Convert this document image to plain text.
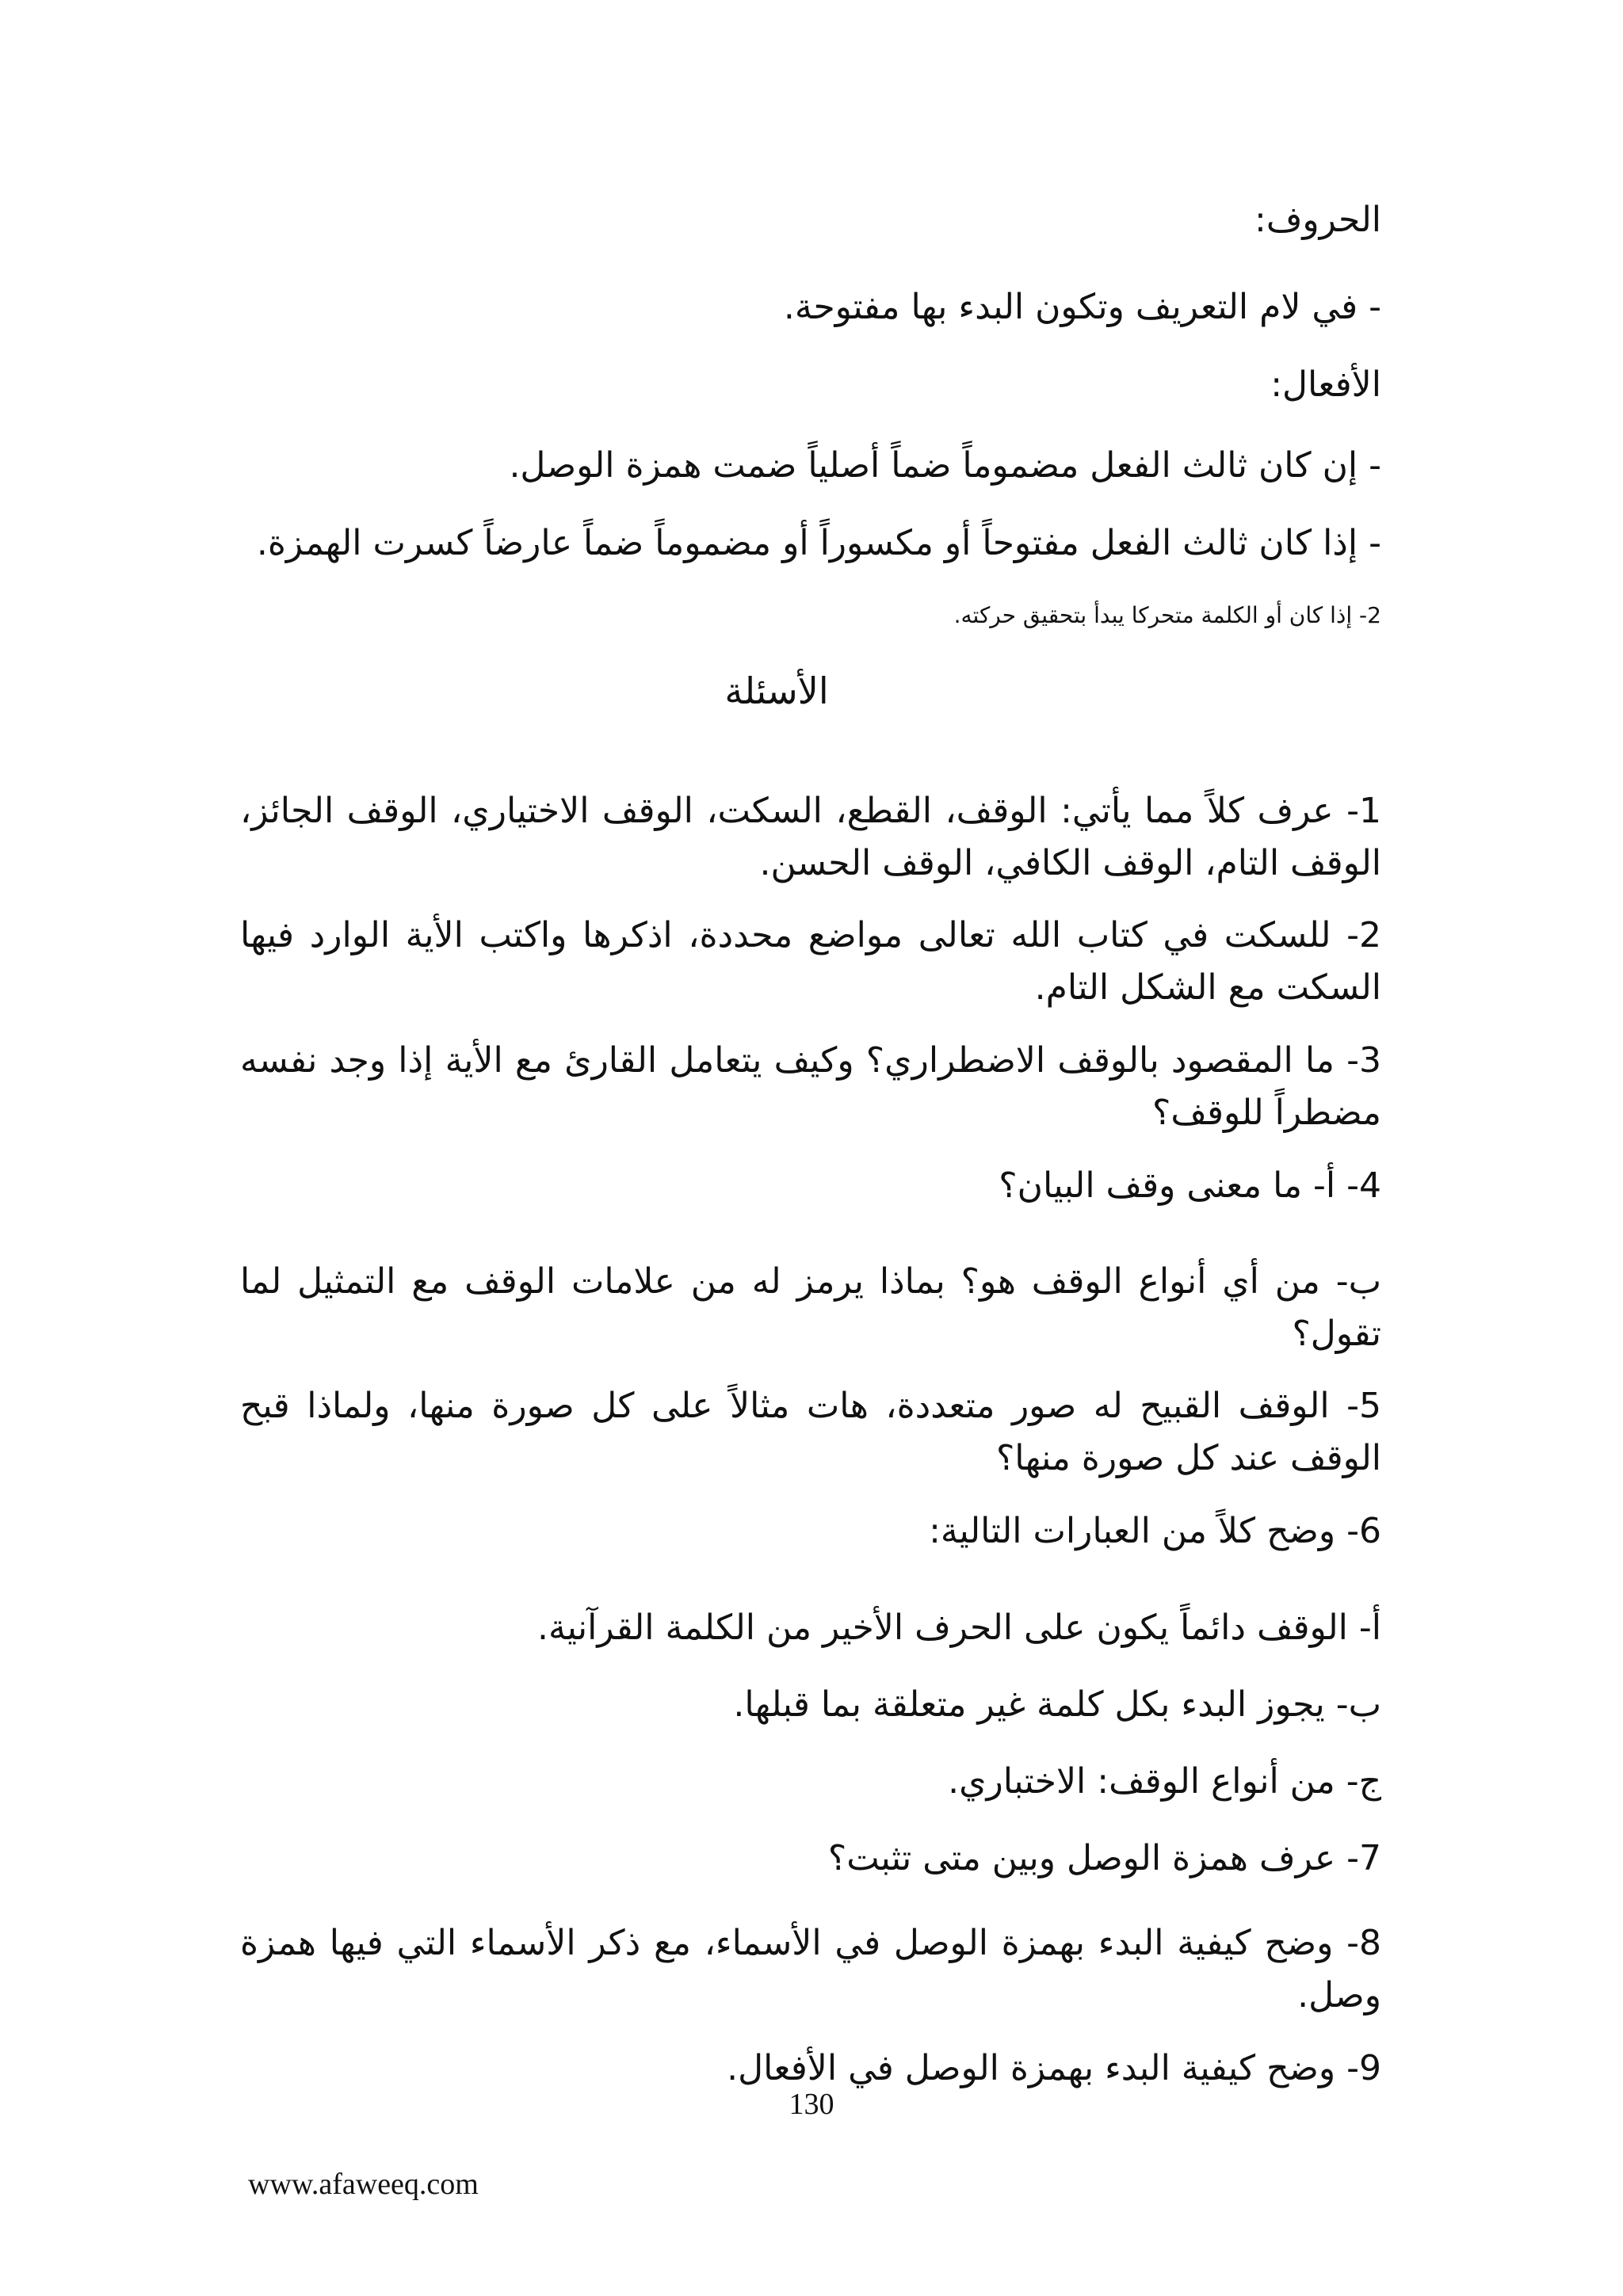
الحروف:
- في لام التعريف وتكون البدء بها مفتوحة.
الأفعال:
- إن كان ثالث الفعل مضموماً ضماً أصلياً ضمت همزة الوصل.
- إذا كان ثالث الفعل مفتوحاً أو مكسوراً أو مضموماً ضماً عارضاً كسرت الهمزة.
2- إذا كان أو الكلمة متحركا يبدأ بتحقيق حركته.
الأسئلة
1- عرف كلاً مما يأتي: الوقف، القطع، السكت، الوقف الاختياري، الوقف الجائز، الوقف التام، الوقف الكافي، الوقف الحسن.
2- للسكت في كتاب الله تعالى مواضع محددة، اذكرها واكتب الأية الوارد فيها السكت مع الشكل التام.
3- ما المقصود بالوقف الاضطراري؟ وكيف يتعامل القارئ مع الأية إذا وجد نفسه مضطراً للوقف؟
4- أ- ما معنى وقف البيان؟
ب- من أي أنواع الوقف هو؟ بماذا يرمز له من علامات الوقف مع التمثيل لما تقول؟
5- الوقف القبيح له صور متعددة، هات مثالاً على كل صورة منها، ولماذا قبح الوقف عند كل صورة منها؟
6- وضح كلاً من العبارات التالية:
أ- الوقف دائماً يكون على الحرف الأخير من الكلمة القرآنية.
ب- يجوز البدء بكل كلمة غير متعلقة بما قبلها.
ج- من أنواع الوقف: الاختباري.
7- عرف همزة الوصل وبين متى تثبت؟
8- وضح كيفية البدء بهمزة الوصل في الأسماء، مع ذكر الأسماء التي فيها همزة وصل.
9- وضح كيفية البدء بهمزة الوصل في الأفعال.
130
www.afaweeq.com
